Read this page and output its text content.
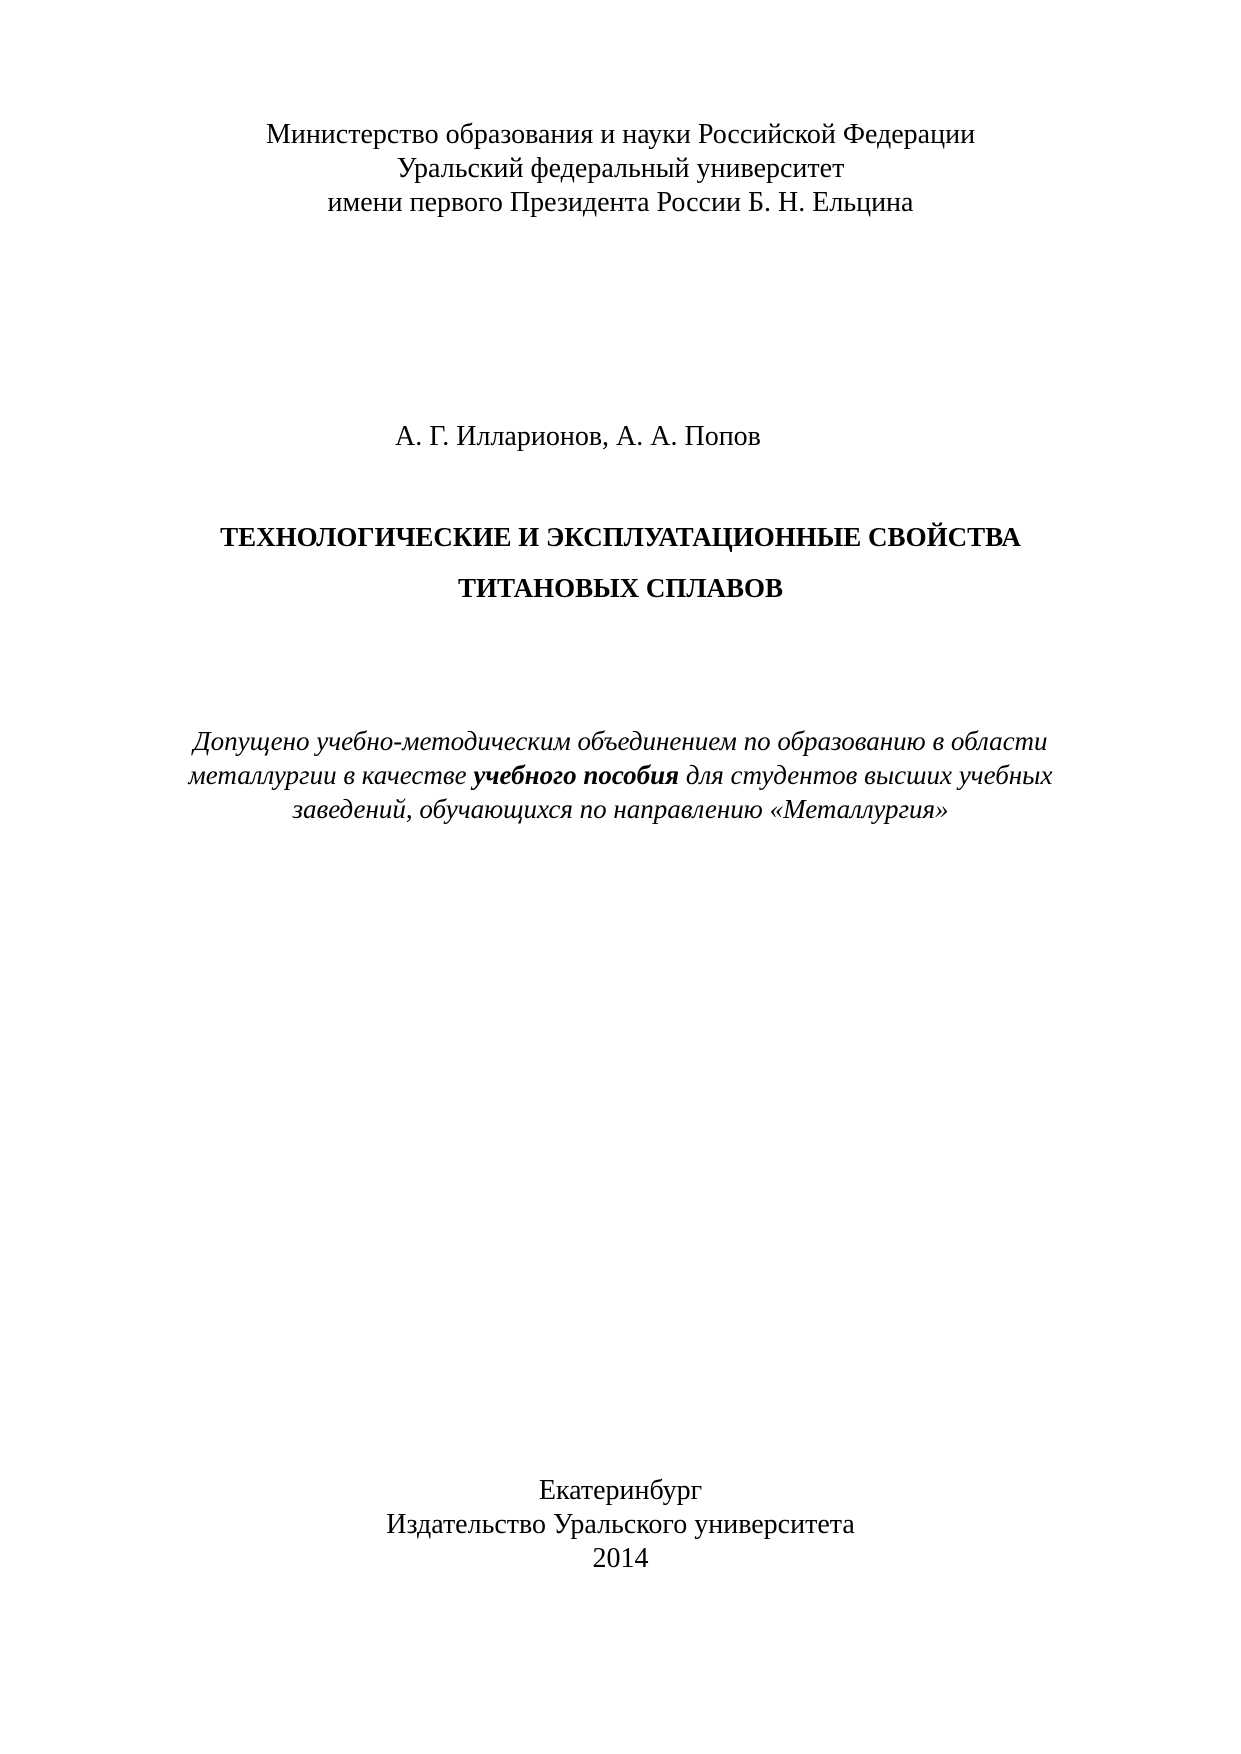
Министерство образования и науки Российской Федерации
Уральский федеральный университет
имени первого Президента России Б. Н. Ельцина
А. Г. Илларионов, А. А. Попов
ТЕХНОЛОГИЧЕСКИЕ И ЭКСПЛУАТАЦИОННЫЕ СВОЙСТВА
ТИТАНОВЫХ СПЛАВОВ
Допущено учебно-методическим объединением по образованию в области
металлургии в качестве учебного пособия для студентов высших учебных
заведений, обучающихся по направлению «Металлургия»
Екатеринбург
Издательство Уральского университета
2014
